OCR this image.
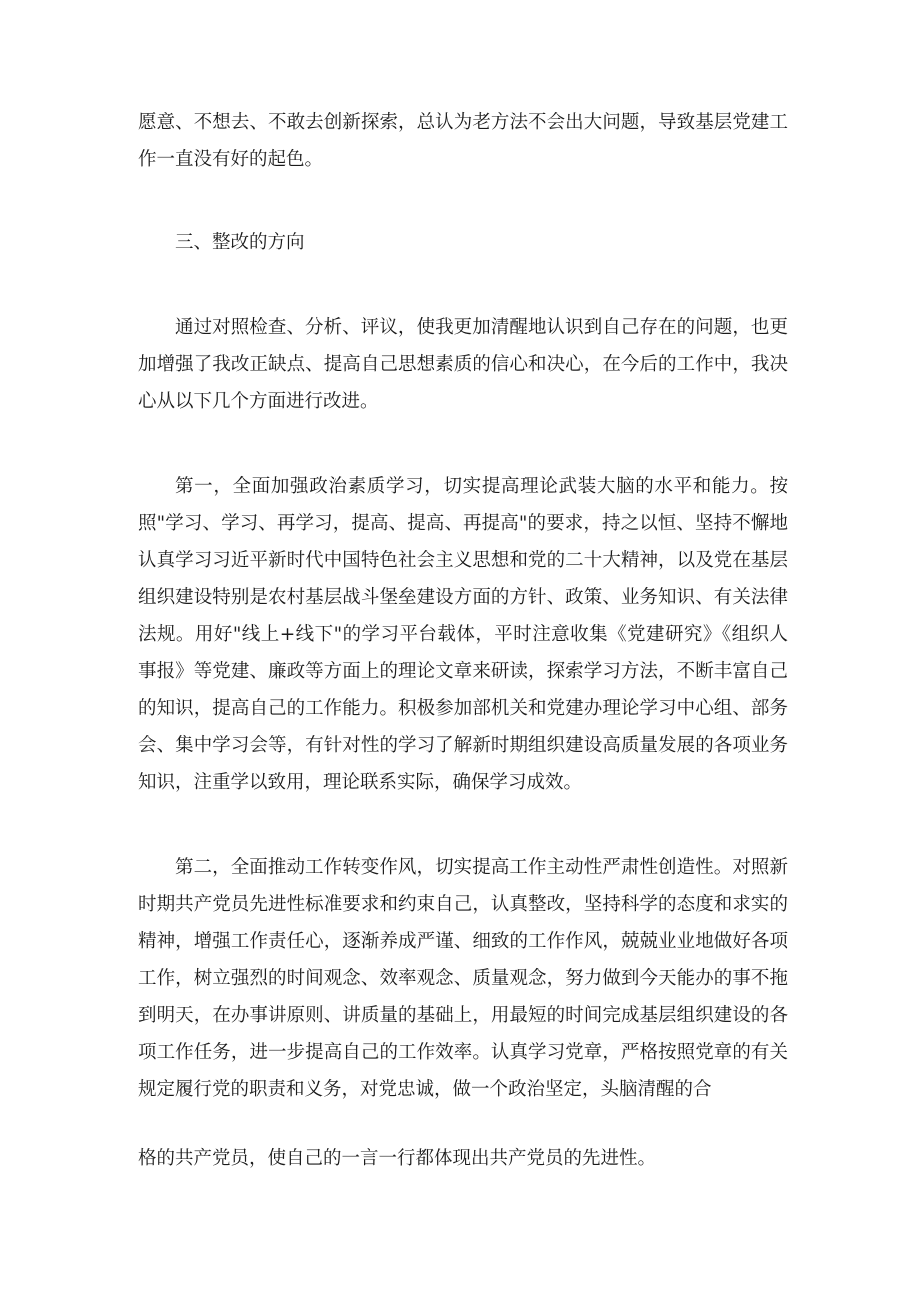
愿意、不想去、不敢去创新探索，总认为老方法不会出大问题，导致基层党建工作一直没有好的起色。

三、整改的方向

通过对照检查、分析、评议，使我更加清醒地认识到自己存在的问题，也更加增强了我改正缺点、提高自己思想素质的信心和决心，在今后的工作中，我决心从以下几个方面进行改进。

第一，全面加强政治素质学习，切实提高理论武装大脑的水平和能力。按照"学习、学习、再学习，提高、提高、再提高"的要求，持之以恒、坚持不懈地认真学习习近平新时代中国特色社会主义思想和党的二十大精神，以及党在基层组织建设特别是农村基层战斗堡垒建设方面的方针、政策、业务知识、有关法律法规。用好"线上+线下"的学习平台载体，平时注意收集《党建研究》《组织人事报》等党建、廉政等方面上的理论文章来研读，探索学习方法，不断丰富自己的知识，提高自己的工作能力。积极参加部机关和党建办理论学习中心组、部务会、集中学习会等，有针对性的学习了解新时期组织建设高质量发展的各项业务知识，注重学以致用，理论联系实际，确保学习成效。

第二，全面推动工作转变作风，切实提高工作主动性严肃性创造性。对照新时期共产党员先进性标准要求和约束自己，认真整改，坚持科学的态度和求实的精神，增强工作责任心，逐渐养成严谨、细致的工作作风，兢兢业业地做好各项工作，树立强烈的时间观念、效率观念、质量观念，努力做到今天能办的事不拖到明天，在办事讲原则、讲质量的基础上，用最短的时间完成基层组织建设的各项工作任务，进一步提高自己的工作效率。认真学习党章，严格按照党章的有关规定履行党的职责和义务，对党忠诚，做一个政治坚定，头脑清醒的合

格的共产党员，使自己的一言一行都体现出共产党员的先进性。
